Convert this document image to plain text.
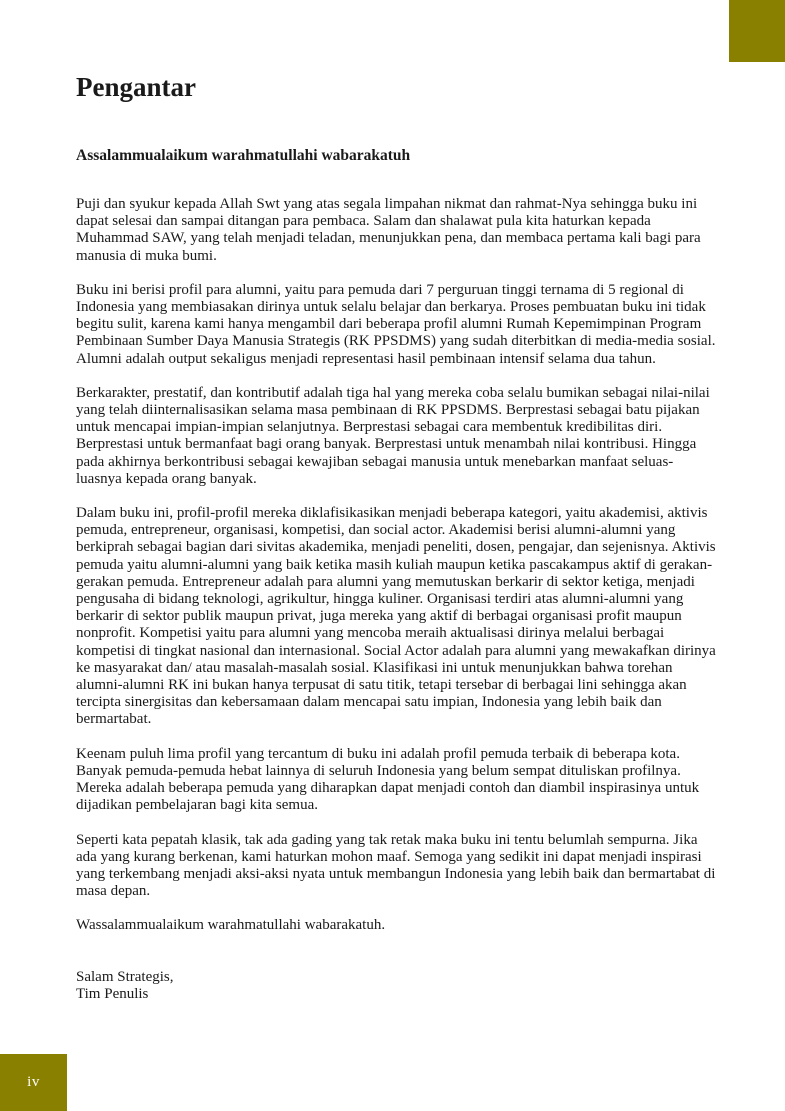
Pengantar
Assalammualaikum warahmatullahi wabarakatuh

Puji dan syukur kepada Allah Swt yang atas segala limpahan nikmat dan rahmat-Nya sehingga buku ini dapat selesai dan sampai ditangan para pembaca. Salam dan shalawat pula kita haturkan kepada Muhammad SAW, yang telah menjadi teladan, menunjukkan pena, dan membaca pertama kali bagi para manusia di muka bumi.

Buku ini berisi profil para alumni, yaitu para pemuda dari 7 perguruan tinggi ternama di 5 regional di Indonesia yang membiasakan dirinya untuk selalu belajar dan berkarya. Proses pembuatan buku ini tidak begitu sulit, karena kami hanya mengambil dari beberapa profil alumni Rumah Kepemimpinan Program Pembinaan Sumber Daya Manusia Strategis (RK PPSDMS) yang sudah diterbitkan di media-media sosial. Alumni adalah output sekaligus menjadi representasi hasil pembinaan intensif selama dua tahun.

Berkarakter, prestatif, dan kontributif adalah tiga hal yang mereka coba selalu bumikan sebagai nilai-nilai yang telah diinternalisasikan selama masa pembinaan di RK PPSDMS. Berprestasi sebagai batu pijakan untuk mencapai impian-impian selanjutnya. Berprestasi sebagai cara membentuk kredibilitas diri. Berprestasi untuk bermanfaat bagi orang banyak. Berprestasi untuk menambah nilai kontribusi. Hingga pada akhirnya berkontribusi sebagai kewajiban sebagai manusia untuk menebarkan manfaat seluas-luasnya kepada orang banyak.

Dalam buku ini, profil-profil mereka diklafisikasikan menjadi beberapa kategori, yaitu akademisi, aktivis pemuda, entrepreneur, organisasi, kompetisi, dan social actor. Akademisi berisi alumni-alumni yang berkiprah sebagai bagian dari sivitas akademika, menjadi peneliti, dosen, pengajar, dan sejenisnya. Aktivis pemuda yaitu alumni-alumni yang baik ketika masih kuliah maupun ketika pascakampus aktif di gerakan-gerakan pemuda. Entrepreneur adalah para alumni yang memutuskan berkarir di sektor ketiga, menjadi pengusaha di bidang teknologi, agrikultur, hingga kuliner. Organisasi terdiri atas alumni-alumni yang berkarir di sektor publik maupun privat, juga mereka yang aktif di berbagai organisasi profit maupun nonprofit. Kompetisi yaitu para alumni yang mencoba meraih aktualisasi dirinya melalui berbagai kompetisi di tingkat nasional dan internasional. Social Actor adalah para alumni yang mewakafkan dirinya ke masyarakat dan/ atau masalah-masalah sosial. Klasifikasi ini untuk menunjukkan bahwa torehan alumni-alumni RK ini bukan hanya terpusat di satu titik, tetapi tersebar di berbagai lini sehingga akan tercipta sinergisitas dan kebersamaan dalam mencapai satu impian, Indonesia yang lebih baik dan bermartabat.

Keenam puluh lima profil yang tercantum di buku ini adalah profil pemuda terbaik di beberapa kota. Banyak pemuda-pemuda hebat lainnya di seluruh Indonesia yang belum sempat dituliskan profilnya. Mereka adalah beberapa pemuda yang diharapkan dapat menjadi contoh dan diambil inspirasinya untuk dijadikan pembelajaran bagi kita semua.

Seperti kata pepatah klasik, tak ada gading yang tak retak maka buku ini tentu belumlah sempurna. Jika ada yang kurang berkenan, kami haturkan mohon maaf. Semoga yang sedikit ini dapat menjadi inspirasi yang terkembang menjadi aksi-aksi nyata untuk membangun Indonesia yang lebih baik dan bermartabat di masa depan.

Wassalammualaikum warahmatullahi wabarakatuh.

Salam Strategis,
Tim Penulis
iv
